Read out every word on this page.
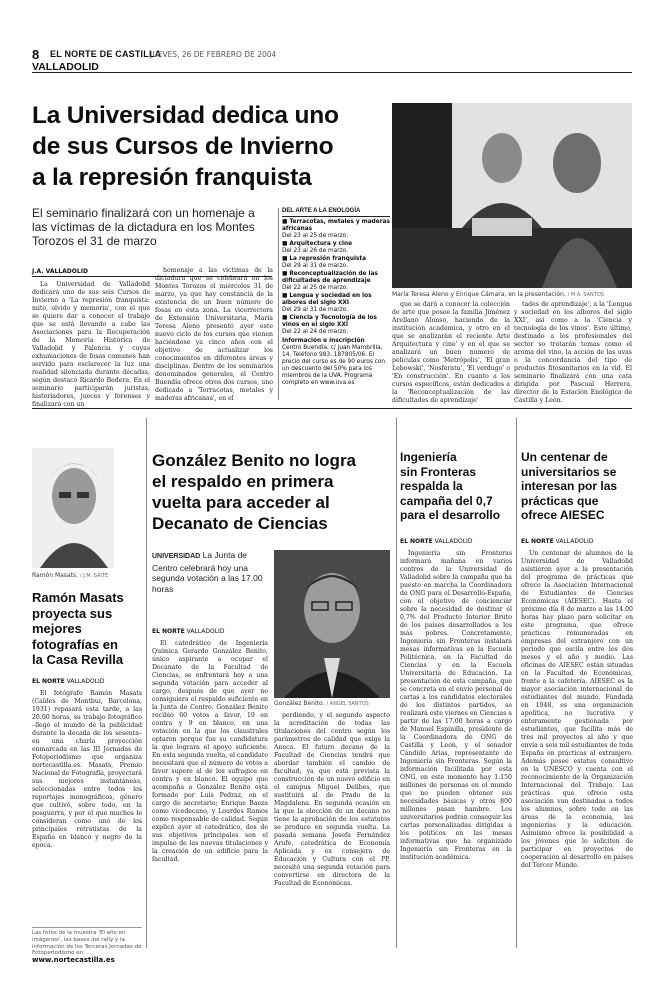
8 EL NORTE DE CASTILLA
JUEVES, 26 DE FEBRERO DE 2004
VALLADOLID
La Universidad dedica uno
de sus Cursos de Invierno
a la represión franquista
El seminario finalizará con un homenaje a las víctimas de la dictadura en los Montes Torozos el 31 de marzo
María Teresa Aleno y Enrique Cámara, en la presentación. / M.A. SANTOS
J.A. VALLADOLID

La Universidad de Valladolid dedicará uno de sus seis Cursos de Invierno a 'La represión franquista: mito, olvido y memoria', con el que se quiere dar a conocer el trabajo que se está llevando a cabo las Asociaciones para la Recuperación de la Memoria Histórica de Valladolid y Palencia y cuyas exhumaciones de fosas comunes han servido para esclarecer la luz una realidad silenciada durante décadas, según destacó Ricardo Bedera. En el seminario participarán juristas, historiadores, jueces y forenses y finalizará con un

homenaje a las víctimas de la dictadura que se celebrará en los Montes Torozos el miércoles 31 de marzo, ya que hay constancia de la existencia de un buen número de fosas en esta zona. La vicerrectora de Extensión Universitaria, María Teresa Aleno presentó ayer este nuevo ciclo de los cursos que vienen haciéndose ya cinco años con el objetivo de actualizar los conocimientos en diferentes áreas y disciplinas. Dentro de los seminarios denominados generales, el Centro Buendía ofrece otros dos cursos, uno dedicado a 'Terracotas, metales y maderas africanas', en el

DEL ARTE A LA ENOLOGÍA
■ Terracotas, metales y maderas africanas
Del 23 al 25 de marzo.
■ Arquitectura y cine
Del 23 al 26 de marzo.
■ La represión franquista
Del 29 al 31 de marzo.
■ Reconceptualización de las dificultades de aprendizaje
Del 22 al 25 de marzo.
■ Lengua y sociedad en los albores del siglo XXI
Del 29 al 31 de marzo.
■ Ciencia y Tecnología de los vinos en el siglo XXI
Del 22 al 24 de marzo.
Información e inscripción
Centro Buendía, c/ Juan Mambrilla, 14. Teléfono 983. 187805/06. El precio del curso es de 90 euros con un descuento del 50% para los miembros de la UVA. Programa completo en www.uva.es

que se dará a conocer la colección de arte que posee la familia Jiménez Arellano Alonso, haciendo de la institución académica, y otro en el que se analizarán el reciente Arte Arquitectura y cine' y en el que se analizará un buen número de películas como 'Metrópolis', 'El gran Lebowski', 'Nosferatu', 'El verdugo' o 'En construcción'. En cuanto a los cursos específicos, están dedicados a la 'Reconceptualización de las dificultades de aprendizaje'

tades de aprendizaje', a la 'Lengua y sociedad en los albores del siglo XXI', así como a la 'Ciencia y tecnología de los vinos'. Este último, destinado a los profesionales del sector so tratarán temas como el aroma del vino, la acción de las uvas o la concordancia del tipo de productos fitosanitarios en la vid. El seminario finalizará con una cata dirigida por Pascual Herrera, director de la Estación Enológica de Castilla y León.

Ramón Masats. / J.M. SAITE
Ramón Masats
proyecta sus
mejores
fotografías en
la Casa Revilla
EL NORTE VALLADOLID

El fotógrafo Ramón Masats (Caldes de Montbui, Barcelona, 1931) repasará esta tarde, a las 20.00 horas, su trabajo fotográfico –llegó el mundo de la publicidad durante la década de los sesenta– en una charla proyección enmarcada en las III Jornadas de Fotoperiodismo que organiza nortecastilla.es. Masats, Premio Nacional de Fotografía, proyectará sus mejores instantáneas, seleccionadas entre todos los reportajes monográficos, género que cultivó, sobre todo, en la posguerra, y por el que muchos le consideran como uno de los principales retratistas de la España en blanco y negro de la época.

Las fotos de la muestra 'El año en imágenes', las bases del rally y la información de los Terceras Jornadas de Fotoperiodismo en:
www.nortecastilla.es
González Benito no logra
el respaldo en primera
vuelta para acceder al
Decanato de Ciencias
UNIVERSIDAD La Junta de Centro celebrará hoy una segunda votación a las 17.00 horas
EL NORTE VALLADOLID

El catedrático de Ingeniería Química Gerardo González Benito, único aspirante a ocupar el Decanato de la Facultad de Ciencias, se enfrentará hoy a una segunda votación para acceder al cargo, después de que ayer no consiguiera el respaldo suficiente en la Junta de Centro. González Benito recibió 60 votos a favor, 19 en contra y 9 en blanco, en una votación en la que los claustrales optaron porque fue su candidatura la que lograra el apoyo suficiente. En esta segunda vuelta, el candidato necesitará que el número de votos a favor supere al de los sufragios en contra y en blanco. El equipo que acompaña a González Benito está formado por Luis Pedraz, en el cargo de secretario; Enrique Baeza como vicedecano, y Lourdes Ramos como responsable de calidad. Según explicó ayer el catedrático, dos de sus objetivos principales son el impulso de las nuevas titulaciones y la creación de un edificio para la facultad.

González Benito. / ANGEL SANTOS

perdiendo, y el segundo aspecto la acreditación de todas las titulaciones del centro según los parámetros de calidad que exige la Aneca. El futuro decano de la Facultad de Ciencias tendrá que abordar también el cambio de facultad, ya que está prevista la construcción de un nuevo edificio en el campus Miguel Delibes, que sustituirá al de Prado de la Magdalena. En segunda ocasión en la que la elección de un decano no tiene la aprobación de los estatutos se produce en segunda vuelta. La pasada semana Josefa Fernández Arufe, catedrática de Economía Aplicada y ex consejera de Educación y Cultura con el PP, necesitó una segunda votación para convertirse en directora de la Facultad de Económicas.

Ingeniería
sin Fronteras
respalda la
campaña del 0,7
para el desarrollo
EL NORTE VALLADOLID

Ingeniería sin Fronteras informará mañana en varios centros de la Universidad de Valladolid sobre la campaña que ha puesto en marcha la Coordinadora de ONG para el Desarrollo-España, con el objetivo de concienciar sobre la necesidad de destinar el 0,7% del Producto Interior Bruto de los países desarrollados a los más pobres. Concretamente, Ingeniería sin Fronteras instalará mesas informativas en la Escuela Politécnica, en la Facultad de Ciencias y en la Escuela Universitaria de Educación. La presentación de esta campaña, que se concreta en el envío personal de cartas a los candidatos electorales de los distintos partidos, se realizará este viernes en Ciencias a partir de las 17.00 horas a cargo de Manuel Espinilla, presidente de la Coordinadora de ONG de Castilla y León, y el senador Cándido Arias, representante de Ingeniería sin Fronteras. Según la información facilitada por esta ONG, en este momento hay 1.150 millones de personas en el mundo que no pueden obtener sus necesidades básicas y otros 800 millones pasan hambre. Los universitarios podrán conseguir las cartas personalizadas dirigidas a los políticos en las mesas informativas que ha organizado Ingeniería sin Fronteras en la institución académica.

Un centenar de
universitarios se
interesan por las
prácticas que
ofrece AIESEC
EL NORTE VALLADOLID

Un centenar de alumnos de la Universidad de Valladolid asistieron ayer a la presentación del programa de prácticas que ofrece la Asociación Internacional de Estudiantes de Ciencias Económicas (AIESEC). Hasta el próximo día 8 de marzo a las 14.00 horas hay plazo para solicitar en este programa, que ofrece prácticas remuneradas en empresas del extranjero con un período que oscila entre los dos meses y el año y medio. Las oficinas de AIESEC están situadas en la Facultad de Económicas, frente a la cafetería. AIESEC es la mayor asociación internacional de estudiantes del mundo. Fundada en 1948, es una organización apolítica, no lucrativa y enteramente gestionada por estudiantes, que facilita más de tres mil proyectos al año y que envía a seis mil estudiantes de toda España en prácticas al extranjero. Además posee estatus consultivo en la UNESCO y cuenta con el reconocimiento de la Organización Internacional del Trabajo. Las prácticas que ofrece esta asociación van destinadas a todos los alumnos, sobre todo en las áreas de la economía, las ingenierías y la educación. Asimismo ofrece la posibilidad a los jóvenes que lo soliciten de participar en proyectos de cooperación al desarrollo en países del Tercer Mundo.
